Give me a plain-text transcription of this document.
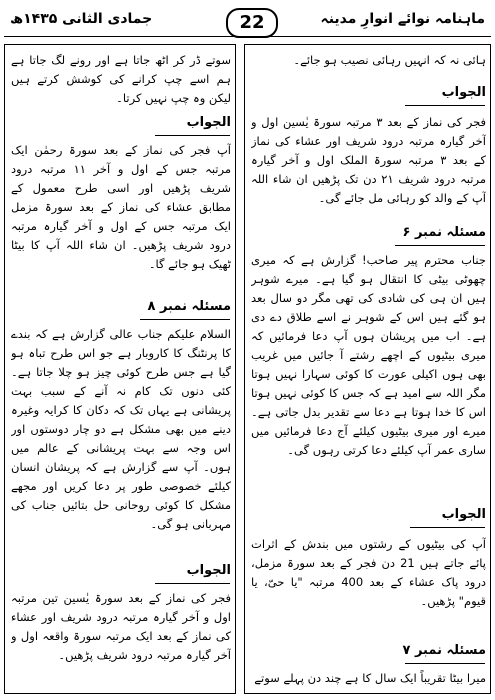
جمادی الثانی ۱۴۳۵ھ	22	ماہنامہ نوائے انوارِ مدینہ

ہائی نہ کہ انہیں رہائی نصیب ہو جائے۔

الجواب

فجر کی نماز کے بعد ۳ مرتبہ سورۃ یٰسین اول و آخر گیارہ مرتبہ درود شریف اور عشاء کی نماز کے بعد ۳ مرتبہ سورۃ الملک اول و آخر گیارہ مرتبہ درود شریف ۲۱ دن تک پڑھیں ان شاء اللہ آپ کے والد کو رہائی مل جائے گی۔

مسئلہ نمبر ۶

جناب محترم پیر صاحب! گزارش ہے کہ میری چھوٹی بیٹی کا انتقال ہو گیا ہے۔ میرے شوہر ہیں ان ہی کی شادی کی تھی مگر دو سال بعد ہو گئے ہیں اس کے شوہر نے اسے طلاق دے دی ہے۔ اب میں پریشان ہوں آپ دعا فرمائیں کہ میری بیٹیوں کے اچھے رشتے آ جائیں میں غریب بھی ہوں اکیلی عورت کا کوئی سہارا نہیں ہوتا مگر اللہ سے امید ہے کہ جس کا کوئی نہیں ہوتا اس کا خدا ہوتا ہے دعا سے تقدیر بدل جاتی ہے۔ میرے اور میری بیٹیوں کیلئے آج دعا فرمائیں میں ساری عمر آپ کیلئے دعا کرتی رہوں گی۔

الجواب

آپ کی بیٹیوں کے رشتوں میں بندش کے اثرات پائے جاتے ہیں 21 دن فجر کے بعد سورۃ مزمل، درود پاک عشاء کے بعد 400 مرتبہ "یا حیّ، یا قیوم" پڑھیں۔

مسئلہ نمبر ۷

میرا بیٹا تقریباً ایک سال کا ہے چند دن پہلے سوتے

سوتے ڈر کر اٹھ جاتا ہے اور رونے لگ جاتا ہے ہم اسے چپ کرانے کی کوشش کرتے ہیں لیکن وہ چپ نہیں کرتا۔

الجواب

آپ فجر کی نماز کے بعد سورۃ رحمٰن ایک مرتبہ جس کے اول و آخر ۱۱ مرتبہ درود شریف پڑھیں اور اسی طرح معمول کے مطابق عشاء کی نماز کے بعد سورۃ مزمل ایک مرتبہ جس کے اول و آخر گیارہ مرتبہ درود شریف پڑھیں۔ ان شاء اللہ آپ کا بیٹا ٹھیک ہو جائے گا۔

مسئلہ نمبر ۸

السلام علیکم جناب عالی گزارش ہے کہ بندے کا پرنٹنگ کا کاروبار ہے جو اس طرح تباہ ہو گیا ہے جس طرح کوئی چیز ہو چلا جاتا ہے۔ کئی دنوں تک کام نہ آنے کے سبب بہت پریشانی ہے یہاں تک کہ دکان کا کرایہ وغیرہ دینے میں بھی مشکل ہے دو چار دوستوں اور اس وجہ سے بہت پریشانی کے عالم میں ہوں۔ آپ سے گزارش ہے کہ پریشان انسان کیلئے خصوصی طور پر دعا کریں اور مجھے مشکل کا کوئی روحانی حل بتائیں جناب کی مہربانی ہو گی۔

الجواب

فجر کی نماز کے بعد سورۃ یٰسین تین مرتبہ اول و آخر گیارہ مرتبہ درود شریف اور عشاء کی نماز کے بعد ایک مرتبہ سورۃ واقعہ اول و آخر گیارہ مرتبہ درود شریف پڑھیں۔
